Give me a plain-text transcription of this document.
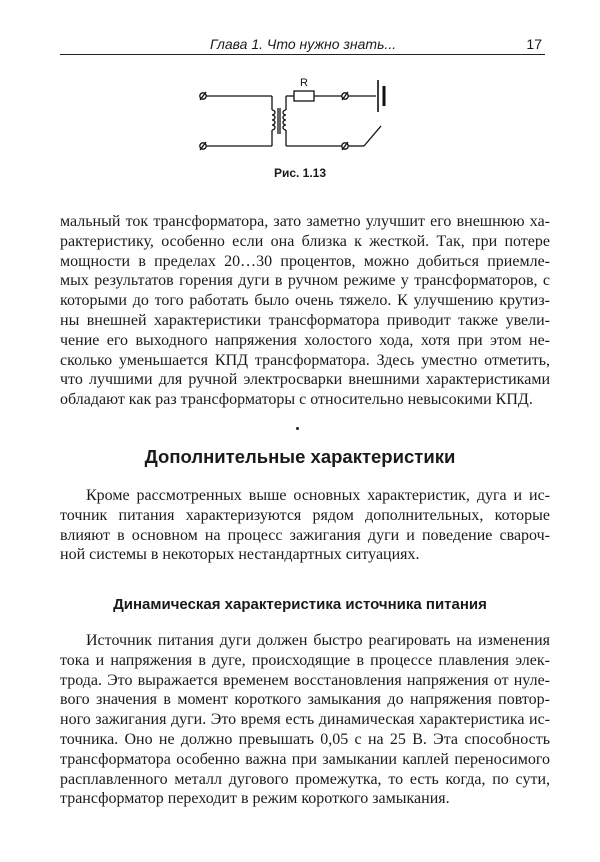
Глава 1. Что нужно знать...	17
R
Рис. 1.13

мальный ток трансформатора, зато заметно улучшит его внешнюю ха-

рактеристику, особенно если она близка к жесткой. Так, при потере

мощности в пределах 20…30 процентов, можно добиться приемле-

мых результатов горения дуги в ручном режиме у трансформаторов, с

которыми до того работать было очень тяжело. К улучшению крутиз-

ны внешней характеристики трансформатора приводит также увели-

чение его выходного напряжения холостого хода, хотя при этом не-

сколько уменьшается КПД трансформатора. Здесь уместно отметить,

что лучшими для ручной электросварки внешними характеристиками

обладают как раз трансформаторы с относительно невысокими КПД.

Дополнительные характеристики

Кроме рассмотренных выше основных характеристик, дуга и ис-

точник питания характеризуются рядом дополнительных, которые

влияют в основном на процесс зажигания дуги и поведение свароч-

ной системы в некоторых нестандартных ситуациях.

Динамическая характеристика источника питания

Источник питания дуги должен быстро реагировать на изменения

тока и напряжения в дуге, происходящие в процессе плавления элек-

трода. Это выражается временем восстановления напряжения от нуле-

вого значения в момент короткого замыкания до напряжения повтор-

ного зажигания дуги. Это время есть динамическая характеристика ис-

точника. Оно не должно превышать 0,05 с на 25 В. Эта способность

трансформатора особенно важна при замыкании каплей переносимого

расплавленного металл дугового промежутка, то есть когда, по сути,

трансформатор переходит в режим короткого замыкания.
